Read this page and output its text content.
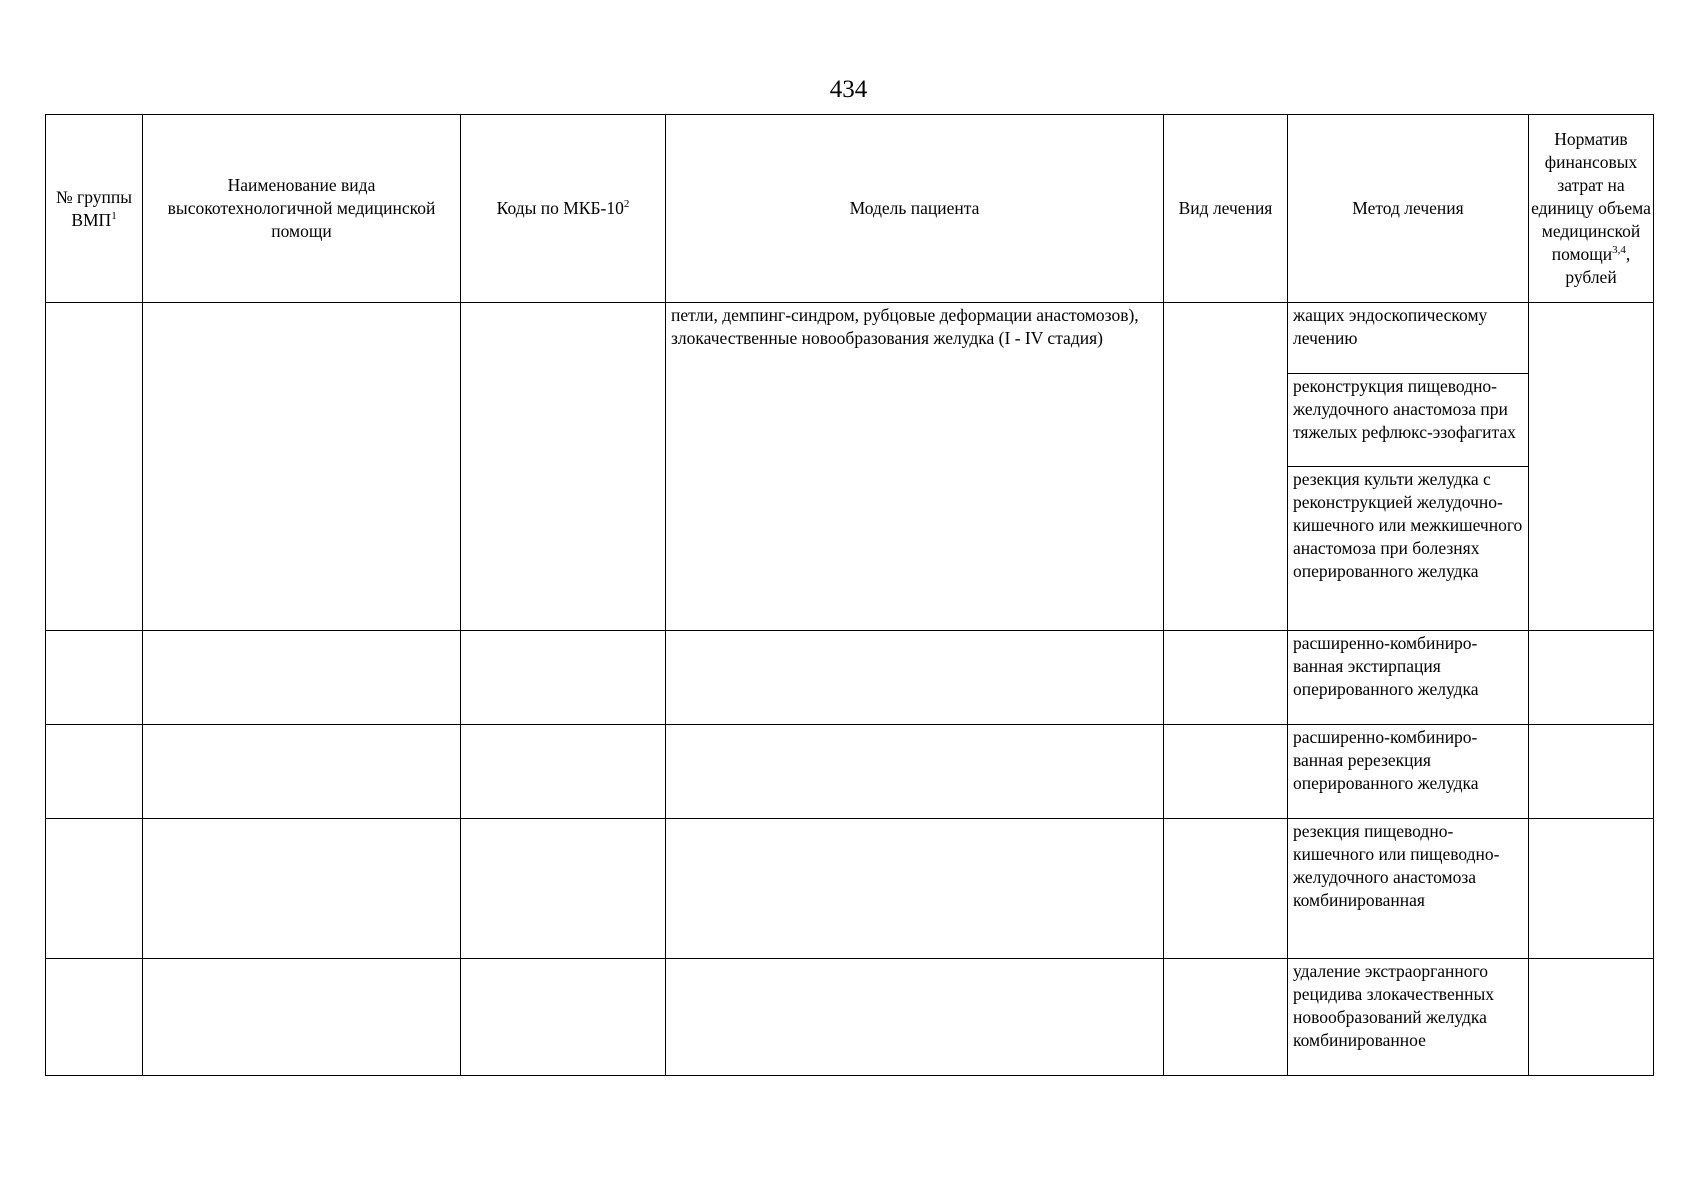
434
№ группы ВМП$^1$	Наименование вида высокотехнологичной медицинской помощи	Коды по МКБ-$10^2$	Модель пациента	Вид лечения	Метод лечения	Норматив финансовых затрат на единицу объема медицинской помощи$^{3,4}$, рублей

			петли, демпинг-синдром, рубцовые деформации анастомозов), злокачественные новообразования желудка (I - IV стадия)		жащих эндоскопическому лечению
реконструкция пищеводно-желудочного анастомоза при тяжелых рефлюкс-эзофагитах
резекция культи желудка с реконструкцией желудочно-кишечного или межкишечного анастомоза при болезнях оперированного желудка	

					расширенно-комбиниро-ванная экстирпация оперированного желудка	

					расширенно-комбиниро-ванная ререзекция оперированного желудка	

					резекция пищеводно-кишечного или пищеводно-желудочного анастомоза комбинированная	

					удаление экстраорганного рецидива злокачественных новообразований желудка комбинированное	
